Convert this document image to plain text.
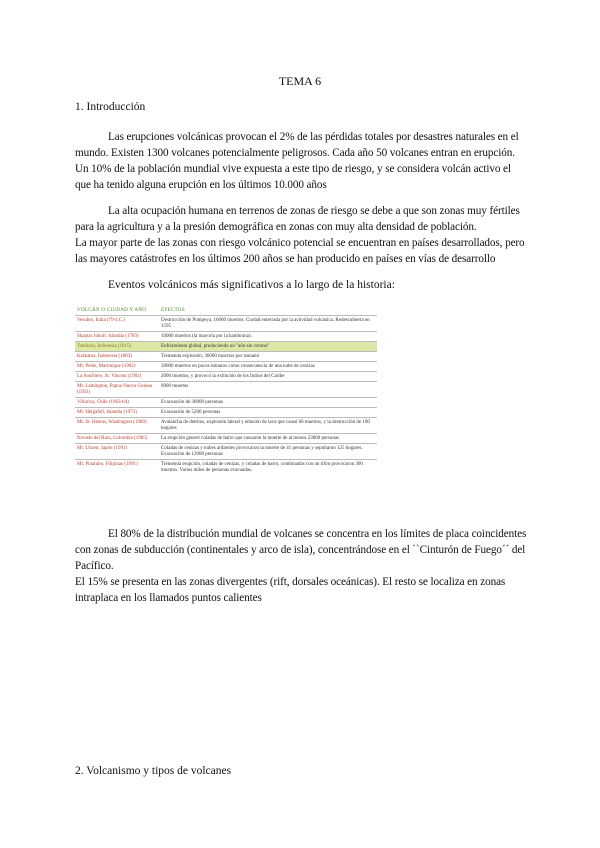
TEMA 6
1. Introducción
Las erupciones volcánicas provocan el 2% de las pérdidas totales por desastres naturales en el mundo. Existen 1300 volcanes potencialmente peligrosos. Cada año 50 volcanes entran en erupción. Un 10% de la población mundial vive expuesta a este tipo de riesgo, y se considera volcán activo el que ha tenido alguna erupción en los últimos 10.000 años
La alta ocupación humana en terrenos de zonas de riesgo se debe a que son zonas muy fértiles para la agricultura y a la presión demográfica en zonas con muy alta densidad de población.
La mayor parte de las zonas con riesgo volcánico potencial se encuentran en países desarrollados, pero las mayores catástrofes en los últimos 200 años se han producido en países en vías de desarrollo
Eventos volcánicos más significativos a lo largo de la historia:
VOLCÁN O CIUDAD Y AÑO	EFECTOS
Vesubio, Italia (79 d.C.)	Destrucción de Pompeya, 16000 muertos. Ciudad enterrada por la actividad volcánica. Redescubierta en 1595
Skaptar Jokull, Islandia (1783)	10000 muertos (la mayoría por la hambruna).
Tambora, Indonesia (1815)	Enfriamiento global, produciendo un "año sin verano"
Krakatoa, Indonesia (1883)	Tremenda explosión; 36000 muertos por tsunami
Mt. Pelée, Martinique (1902)	30000 muertos en pocos minutos como consecuencia de una nube de cenizas
La Soufrière, St. Vincent (1902)	2000 muertos, y provocó la extinción de los Indios del Caribe
Mt. Lamington, Papua Nueva Guinea (1951)	6000 muertos
Villarica, Chile (1963-64)	Evacuación de 30000 personas
Mt. Helgafell, Islandia (1973)	Evacuación de 5200 personas
Mt. St. Helens, Washington (1980)	Avalancha de detritos, explosión lateral y emisión de lava que causó 66 muertos, y la destrucción de 100 hogares
Nevado del Ruiz, Colombia (1985)	La erupción generó coladas de barro que causaron la muerte de al menos 23000 personas
Mt. Unzen, Japón (1991)	Coladas de cenizas y nubes ardientes provocaron la muerte de 41 personas y sepultaron 125 hogares. Evacuación de 12000 personas
Mt. Pinatubo, Filipinas (1991)	Tremenda erupción, coladas de cenizas, y coladas de barro, combinadas con un tifón provocaron 300 muertos. Varios miles de personas evacuadas.
El 80% de la distribución mundial de volcanes se concentra en los límites de placa coincidentes con zonas de subducción (continentales y arco de isla), concentrándose en el ``Cinturón de Fuego´´ del Pacífico.
El 15% se presenta en las zonas divergentes (rift, dorsales oceánicas). El resto se localiza en zonas intraplaca en los llamados puntos calientes
2. Volcanismo y tipos de volcanes
